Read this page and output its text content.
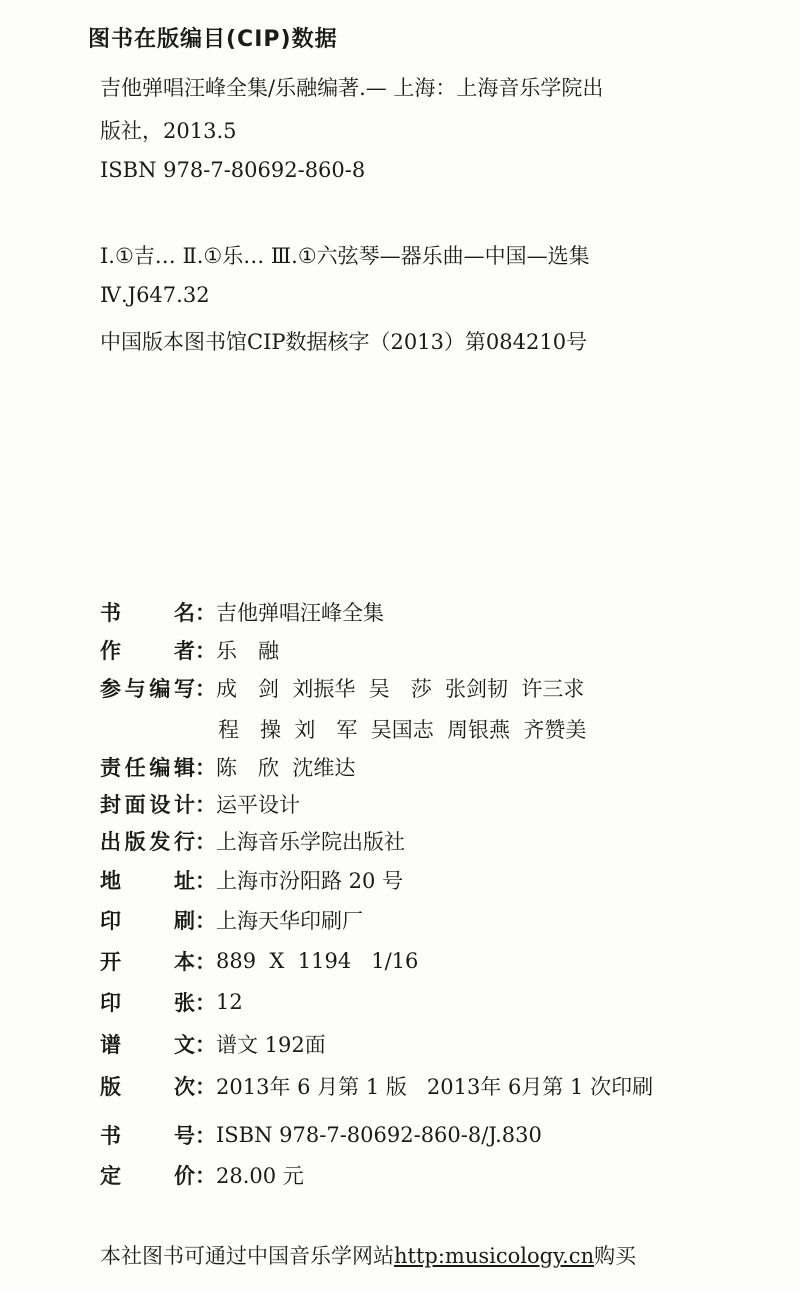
图书在版编目(CIP)数据
吉他弹唱汪峰全集/乐融编著.— 上海：上海音乐学院出
版社，2013.5
ISBN 978-7-80692-860-8
Ⅰ.①吉… Ⅱ.①乐… Ⅲ.①六弦琴—器乐曲—中国—选集
Ⅳ.J647.32
中国版本图书馆CIP数据核字（2013）第084210号
书　　名 ： 吉他弹唱汪峰全集
作　　者 ： 乐　融
参与编写 ： 成　剑  刘振华  吴　莎  张剑韧  许三求
程　操  刘　军  吴国志  周银燕  齐赞美
责任编辑 ： 陈　欣  沈维达
封面设计 ： 运平设计
出版发行 ： 上海音乐学院出版社
地　　址 ： 上海市汾阳路 20 号
印　　刷 ： 上海天华印刷厂
开　　本 ： 889  X  1194   1/16
印　　张 ： 12
谱　　文 ： 谱文 192面
版　　次 ： 2013年 6 月第 1 版   2013年 6月第 1 次印刷
书　　号 ： ISBN 978-7-80692-860-8/J.830
定　　价 ： 28.00 元
本社图书可通过中国音乐学网站http:musicology.cn购买
